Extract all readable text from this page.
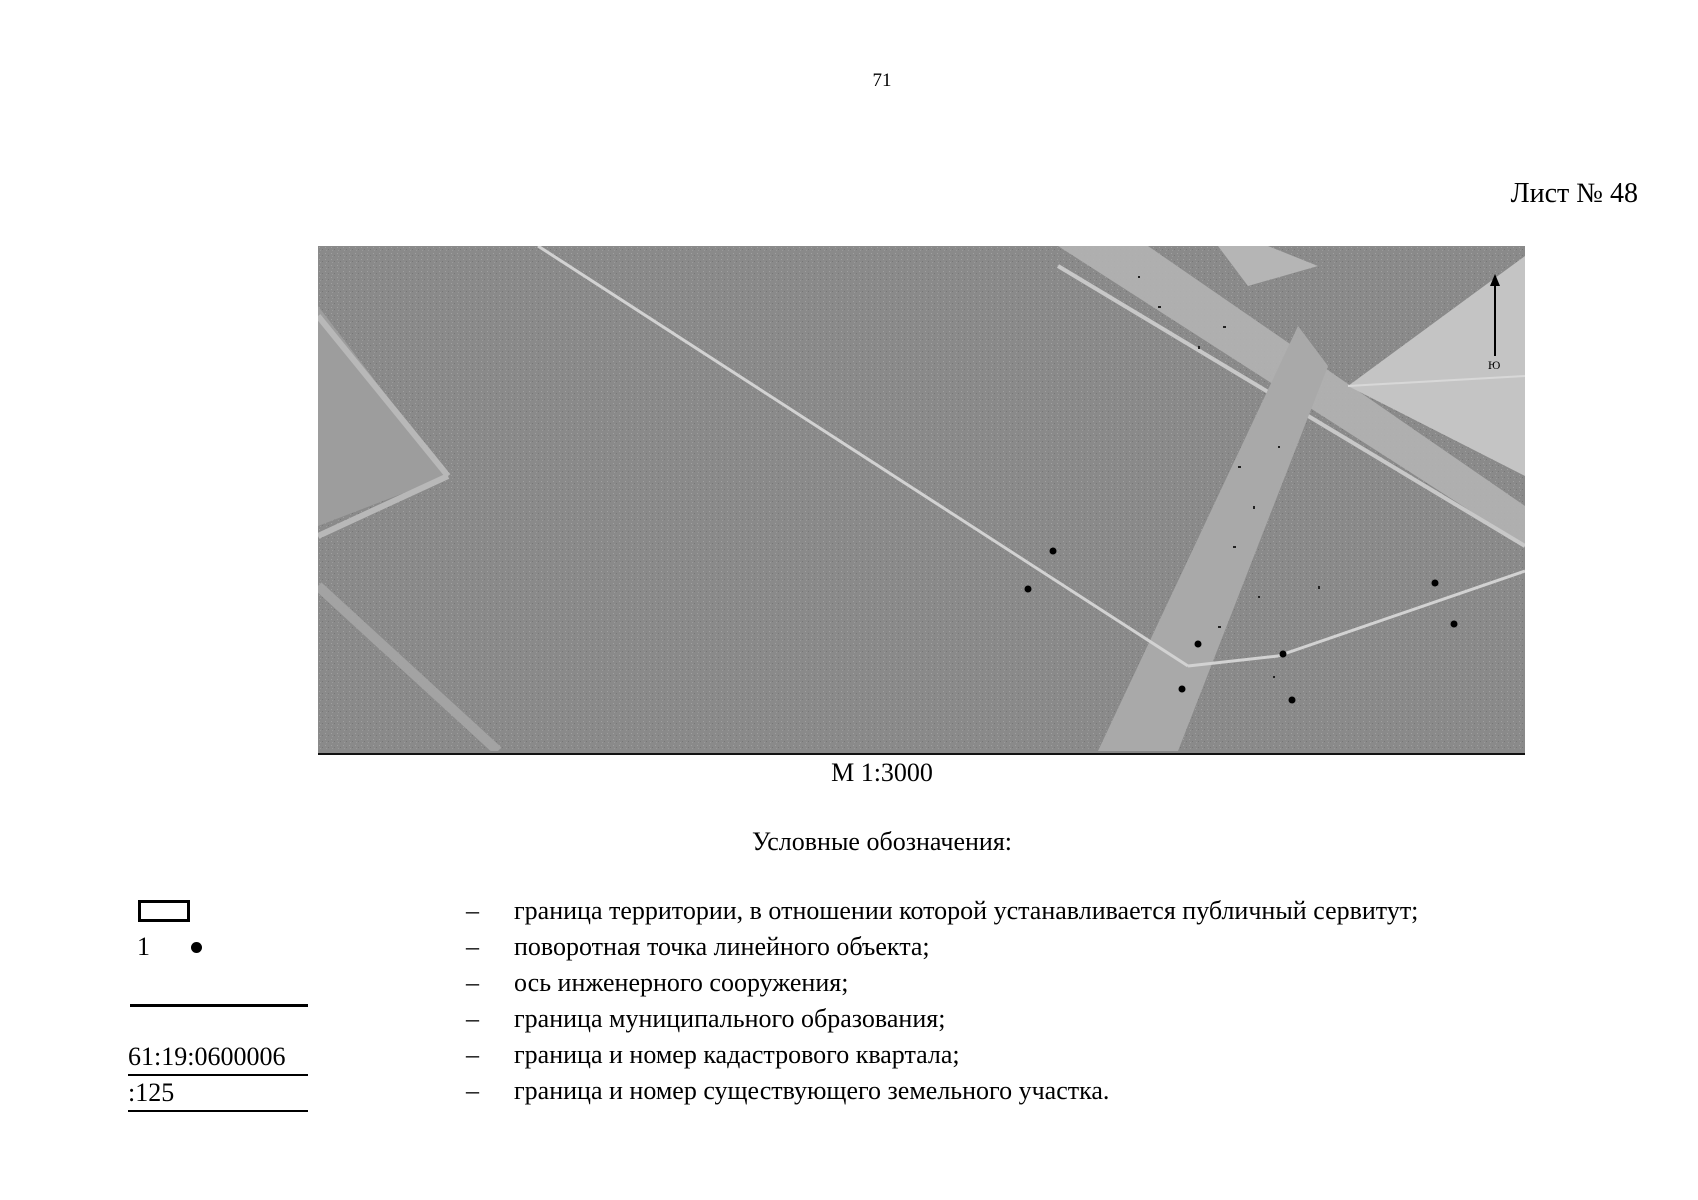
71
Лист № 48
Ю
М 1:3000
Условные обозначения:
– граница территории, в отношении которой устанавливается публичный сервитут;
1	– поворотная точка линейного объекта;
– ось инженерного сооружения;
– граница муниципального образования;
61:19:0600006	– граница и номер кадастрового квартала;
:125	– граница и номер существующего земельного участка.
